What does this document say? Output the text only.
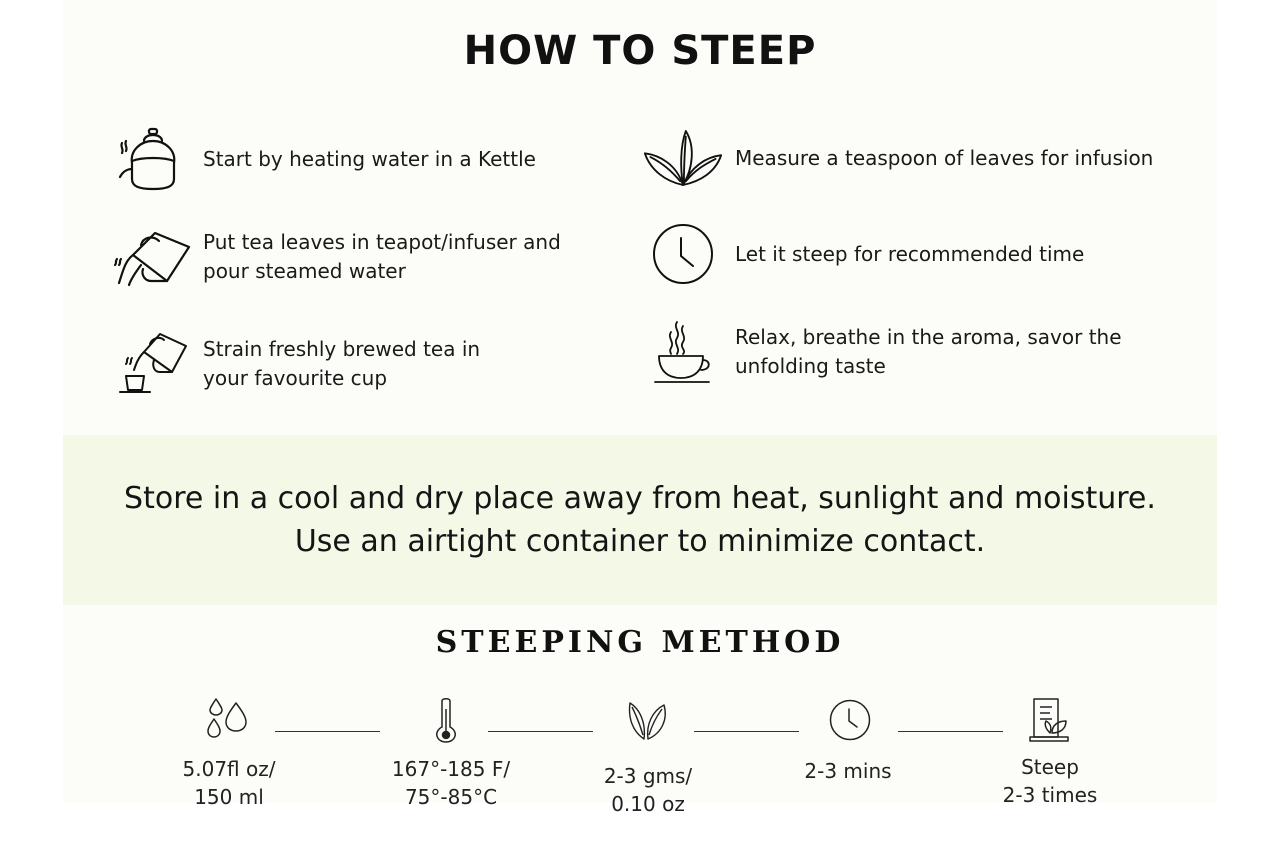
HOW TO STEEP
Start by heating water in a Kettle	Measure a teaspoon of leaves for infusion
Put tea leaves in teapot/infuser and pour steamed water
Let it steep for recommended time
Strain freshly brewed tea in your favourite cup
Relax, breathe in the aroma, savor the unfolding taste
Store in a cool and dry place away from heat, sunlight and moisture.
Use an airtight container to minimize contact.
STEEPING METHOD
5.07fl oz/
150 ml
167°-185 F/
75°-85°C
2-3 gms/
0.10 oz
2-3 mins	Steep
2-3 times
